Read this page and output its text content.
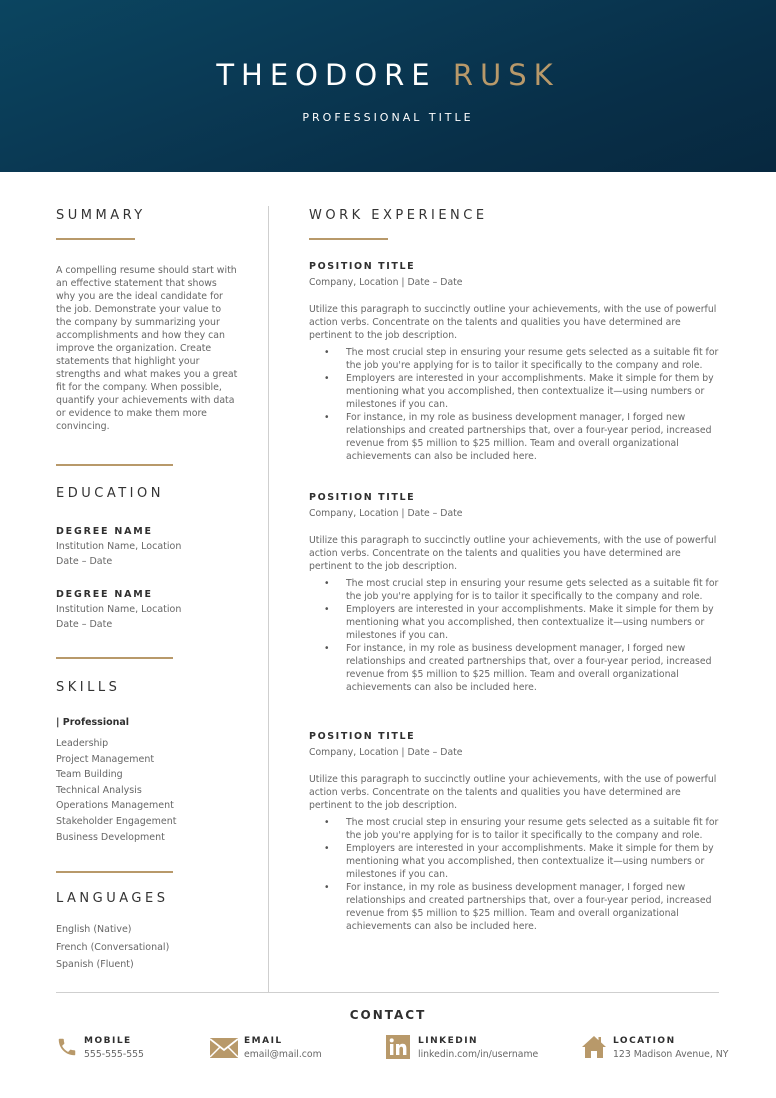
THEODORE RUSK
PROFESSIONAL TITLE
SUMMARY
A compelling resume should start with an effective statement that shows why you are the ideal candidate for the job. Demonstrate your value to the company by summarizing your accomplishments and how they can improve the organization. Create statements that highlight your strengths and what makes you a great fit for the company. When possible, quantify your achievements with data or evidence to make them more convincing.
EDUCATION
DEGREE NAME
Institution Name, Location
Date – Date
DEGREE NAME
Institution Name, Location
Date – Date
SKILLS
| Professional
Leadership
Project Management
Team Building
Technical Analysis
Operations Management
Stakeholder Engagement
Business Development
LANGUAGES
English (Native)
French (Conversational)
Spanish (Fluent)
WORK EXPERIENCE
POSITION TITLE
Company, Location | Date – Date
Utilize this paragraph to succinctly outline your achievements, with the use of powerful action verbs. Concentrate on the talents and qualities you have determined are pertinent to the job description.
• The most crucial step in ensuring your resume gets selected as a suitable fit for the job you're applying for is to tailor it specifically to the company and role.
• Employers are interested in your accomplishments. Make it simple for them by mentioning what you accomplished, then contextualize it—using numbers or milestones if you can.
• For instance, in my role as business development manager, I forged new relationships and created partnerships that, over a four-year period, increased revenue from $5 million to $25 million. Team and overall organizational achievements can also be included here.
POSITION TITLE
Company, Location | Date – Date
Utilize this paragraph to succinctly outline your achievements, with the use of powerful action verbs. Concentrate on the talents and qualities you have determined are pertinent to the job description.
• The most crucial step in ensuring your resume gets selected as a suitable fit for the job you're applying for is to tailor it specifically to the company and role.
• Employers are interested in your accomplishments. Make it simple for them by mentioning what you accomplished, then contextualize it—using numbers or milestones if you can.
• For instance, in my role as business development manager, I forged new relationships and created partnerships that, over a four-year period, increased revenue from $5 million to $25 million. Team and overall organizational achievements can also be included here.
POSITION TITLE
Company, Location | Date – Date
Utilize this paragraph to succinctly outline your achievements, with the use of powerful action verbs. Concentrate on the talents and qualities you have determined are pertinent to the job description.
• The most crucial step in ensuring your resume gets selected as a suitable fit for the job you're applying for is to tailor it specifically to the company and role.
• Employers are interested in your accomplishments. Make it simple for them by mentioning what you accomplished, then contextualize it—using numbers or milestones if you can.
• For instance, in my role as business development manager, I forged new relationships and created partnerships that, over a four-year period, increased revenue from $5 million to $25 million. Team and overall organizational achievements can also be included here.
CONTACT
MOBILE
555-555-555
EMAIL
email@mail.com
LINKEDIN
linkedin.com/in/username
LOCATION
123 Madison Avenue, NY
